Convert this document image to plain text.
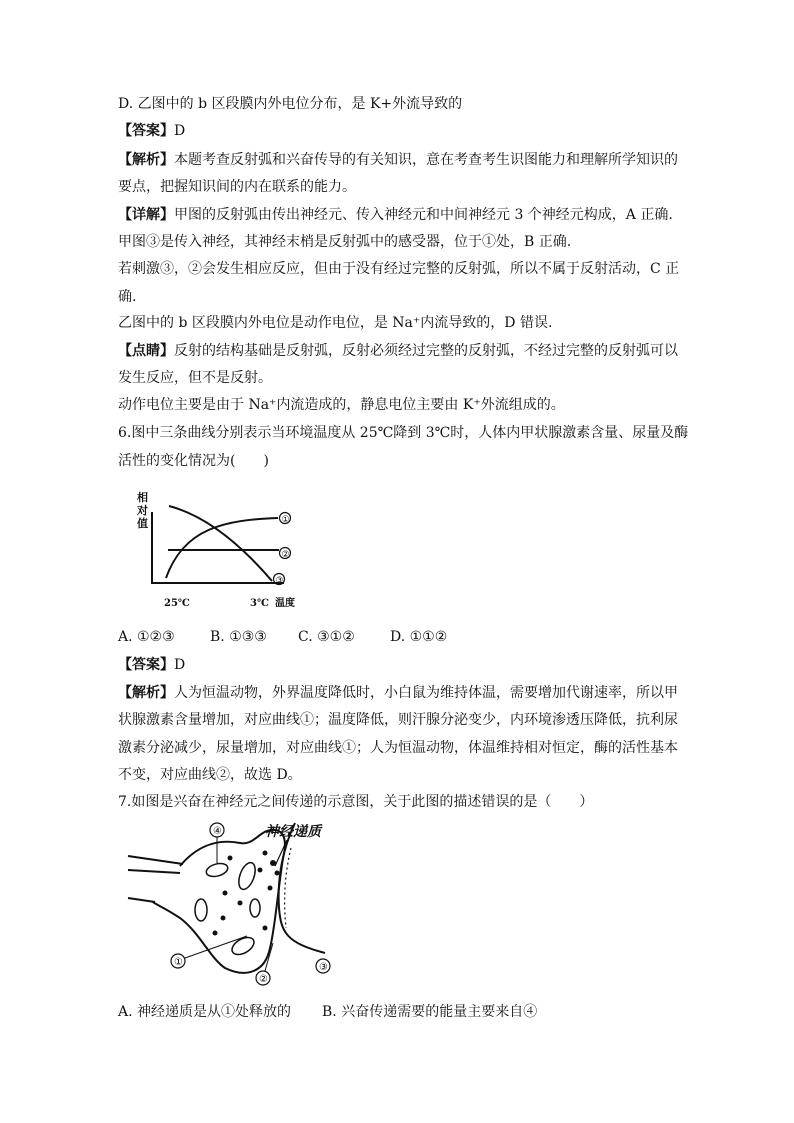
D. 乙图中的 b 区段膜内外电位分布，是 K+外流导致的
【答案】D
【解析】本题考查反射弧和兴奋传导的有关知识，意在考查考生识图能力和理解所学知识的
要点，把握知识间的内在联系的能力。
【详解】甲图的反射弧由传出神经元、传入神经元和中间神经元 3 个神经元构成，A 正确.
甲图③是传入神经，其神经末梢是反射弧中的感受器，位于①处，B 正确.
若刺激③，②会发生相应反应，但由于没有经过完整的反射弧，所以不属于反射活动，C 正
确.
乙图中的 b 区段膜内外电位是动作电位，是 Na⁺内流导致的，D 错误.
【点睛】反射的结构基础是反射弧，反射必须经过完整的反射弧，不经过完整的反射弧可以
发生反应，但不是反射。
动作电位主要是由于 Na⁺内流造成的，静息电位主要由 K⁺外流组成的。
6.图中三条曲线分别表示当环境温度从 25℃降到 3℃时，人体内甲状腺激素含量、尿量及酶
活性的变化情况为(　　)
相
对
值	①
②
③
25℃	3℃ 温度
A. ①②③	B. ①③③ C. ③①②	D. ①①②
【答案】D
【解析】人为恒温动物，外界温度降低时，小白鼠为维持体温，需要增加代谢速率，所以甲
状腺激素含量增加，对应曲线①；温度降低，则汗腺分泌变少，内环境渗透压降低，抗利尿
激素分泌减少，尿量增加，对应曲线①；人为恒温动物，体温维持相对恒定，酶的活性基本
不变，对应曲线②，故选 D。
7.如图是兴奋在神经元之间传递的示意图，关于此图的描述错误的是（　　）
神经递质
④
①
②
③
A. 神经递质是从①处释放的 B. 兴奋传递需要的能量主要来自④
